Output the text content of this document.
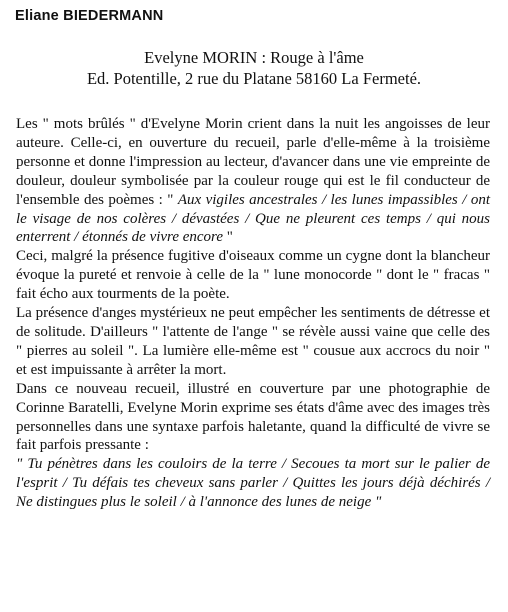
Eliane BIEDERMANN
Evelyne MORIN : Rouge à l'âme
Ed. Potentille, 2 rue du Platane 58160 La Fermeté.

Les " mots brûlés " d'Evelyne Morin crient dans la nuit les angoisses de leur auteure. Celle-ci, en ouverture du recueil, parle d'elle-même à la troisième personne et donne l'impression au lecteur, d'avancer dans une vie empreinte de douleur, douleur symbolisée par la couleur rouge qui est le fil conducteur de l'ensemble des poèmes : " Aux vigiles ancestrales / les lunes impassibles / ont le visage de nos colères / dévastées / Que ne pleurent ces temps / qui nous enterrent / étonnés de vivre encore "

Ceci, malgré la présence fugitive d'oiseaux comme un cygne dont la blancheur évoque la pureté et renvoie à celle de la " lune monocorde " dont le " fracas " fait écho aux tourments de la poète.

La présence d'anges mystérieux ne peut empêcher les sentiments de détresse et de solitude. D'ailleurs " l'attente de l'ange " se révèle aussi vaine que celle des " pierres au soleil ". La lumière elle-même est " cousue aux accrocs du noir " et est impuissante à arrêter la mort.

Dans ce nouveau recueil, illustré en couverture par une photographie de Corinne Baratelli, Evelyne Morin exprime ses états d'âme avec des images très personnelles dans une syntaxe parfois haletante, quand la difficulté de vivre se fait parfois pressante :

" Tu pénètres dans les couloirs de la terre / Secoues ta mort sur le palier de l'esprit / Tu défais tes cheveux sans parler / Quittes les jours déjà déchirés / Ne distingues plus le soleil / à l'annonce des lunes de neige "
